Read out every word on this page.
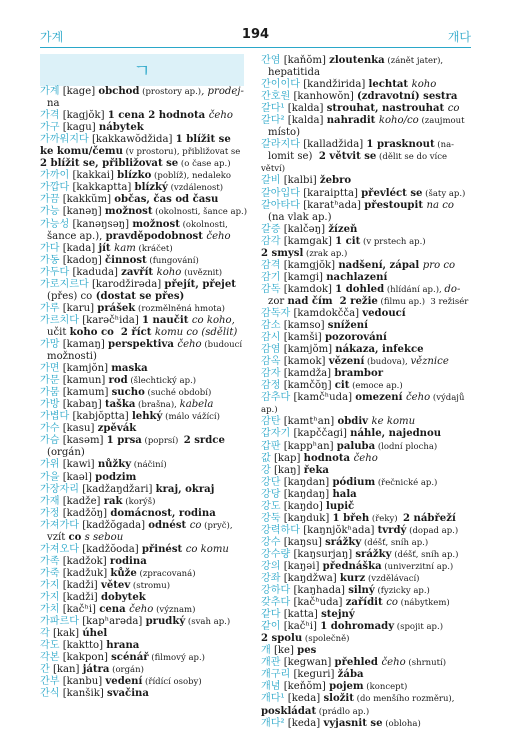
가계	194	개다
ㄱ
가계 [kage] obchod (prostory ap.), prodej-
na
가격 [kagjŏk] 1 cena 2 hodnota čeho
가구 [kagu] nábytek
가까워지다 [kakkawŏdžida] 1 blížit se
ke komu/čemu (v prostoru), přibližovat se
2 blížit se, přibližovat se (o čase ap.)
가까이 [kakkai] blízko (poblíž), nedaleko
가깝다 [kakkaptta] blízký (vzdálenost)
가끔 [kakkŭm] občas, čas od času
가능 [kanəŋ] možnost (okolnosti, šance ap.)
가능성 [kanəŋsəŋ] možnost (okolnosti,
šance ap.), pravděpodobnost čeho
가다 [kada] jít kam (kráčet)
가동 [kadoŋ] činnost (fungování)
가두다 [kaduda] zavřít koho (uvěznit)
가로지르다 [karodžirəda] přejít, přejet
(přes) co (dostat se přes)
가루 [karu] prášek (rozmělněná hmota)
가르치다 [karəčʰida] 1 naučit co koho,
učit koho co  2 říct komu co (sdělit)
가망 [kamaŋ] perspektiva čeho (budoucí
možnosti)
가면 [kamjŏn] maska
가문 [kamun] rod (šlechtický ap.)
가뭄 [kamum] sucho (suché období)
가방 [kabaŋ] taška (brašna), kabela
가볍다 [kabjŏptta] lehký (málo vážící)
가수 [kasu] zpěvák
가슴 [kasəm] 1 prsa (poprsí)  2 srdce
(orgán)
가위 [kawi] nůžky (náčiní)
가을 [kaəl] podzim
가장자리 [kadžaŋdžari] kraj, okraj
가재 [kadže] rak (korýš)
가정 [kadžŏŋ] domácnost, rodina
가져가다 [kadžŏgada] odnést co (pryč),
vzít co s sebou
가져오다 [kadžŏoda] přinést co komu
가족 [kadžok] rodina
가죽 [kadžuk] kůže (zpracovaná)
가지 [kadži] větev (stromu)
가지 [kadži] dobytek
가치 [kačʰi] cena čeho (význam)
가파르다 [kapʰarəda] prudký (svah ap.)
각 [kak] úhel
각도 [kaktto] hrana
각본 [kakpon] scénář (filmový ap.)
간 [kan] játra (orgán)
간부 [kanbu] vedení (řídící osoby)
간식 [kanšik] svačina
간염 [kaňŏm] zloutenka (zánět jater),
hepatitida
간이이다 [kandžirida] lechtat koho
간호원 [kanhowŏn] (zdravotní) sestra
갈다¹ [kalda] strouhat, nastrouhat co
갈다² [kalda] nahradit koho/co (zaujmout
místo)
갈라지다 [kalladžida] 1 prasknout (na-
lomit se)  2 větvit se (dělit se do více větví)
갈비 [kalbi] žebro
갈아입다 [karaiptta] převléct se (šaty ap.)
갈아타다 [karatʰada] přestoupit na co
(na vlak ap.)
갈증 [kalčəŋ] žízeň
감각 [kamgak] 1 cit (v prstech ap.)
2 smysl (zrak ap.)
감격 [kamgjŏk] nadšení, zápal pro co
감기 [kamgi] nachlazení
감독 [kamdok] 1 dohled (hlídání ap.), do-
zor nad čím  2 režie (filmu ap.)  3 režisér
감독자 [kamdokčča] vedoucí
감소 [kamso] snížení
감시 [kamši] pozorování
감염 [kamjŏm] nákaza, infekce
감옥 [kamok] vězení (budova), věznice
감자 [kamdža] brambor
감정 [kamčŏŋ] cit (emoce ap.)
감추다 [kamčʰuda] omezení čeho (výdajů ap.)
감탄 [kamtʰan] obdiv ke komu
갑자기 [kapččagi] náhle, najednou
갑판 [kappʰan] paluba (lodní plocha)
값 [kap] hodnota čeho
강 [kaŋ] řeka
강단 [kaŋdan] pódium (řečnické ap.)
강당 [kaŋdaŋ] hala
강도 [kaŋdo] lupič
강둑 [kaŋduk] 1 břeh (řeky)  2 nábřeží
강력하다 [kaŋnjŏkʰada] tvrdý (dopad ap.)
강수 [kaŋsu] srážky (déšť, sníh ap.)
강수량 [kaŋsurjaŋ] srážky (déšť, sníh ap.)
강의 [kaŋəi] přednáška (univerzitní ap.)
강좌 [kaŋdžwa] kurz (vzdělávací)
강하다 [kaŋhada] silný (fyzicky ap.)
갖추다 [kačʰuda] zařídit co (nábytkem)
같다 [katta] stejný
같이 [kačʰi] 1 dohromady (spojit ap.)
2 spolu (společně)
개 [ke] pes
개관 [kegwan] přehled čeho (shrnutí)
개구리 [keguri] žába
개념 [keňŏm] pojem (koncept)
개다¹ [keda] složit (do menšího rozměru),
poskládat (prádlo ap.)
개다² [keda] vyjasnit se (obloha)
